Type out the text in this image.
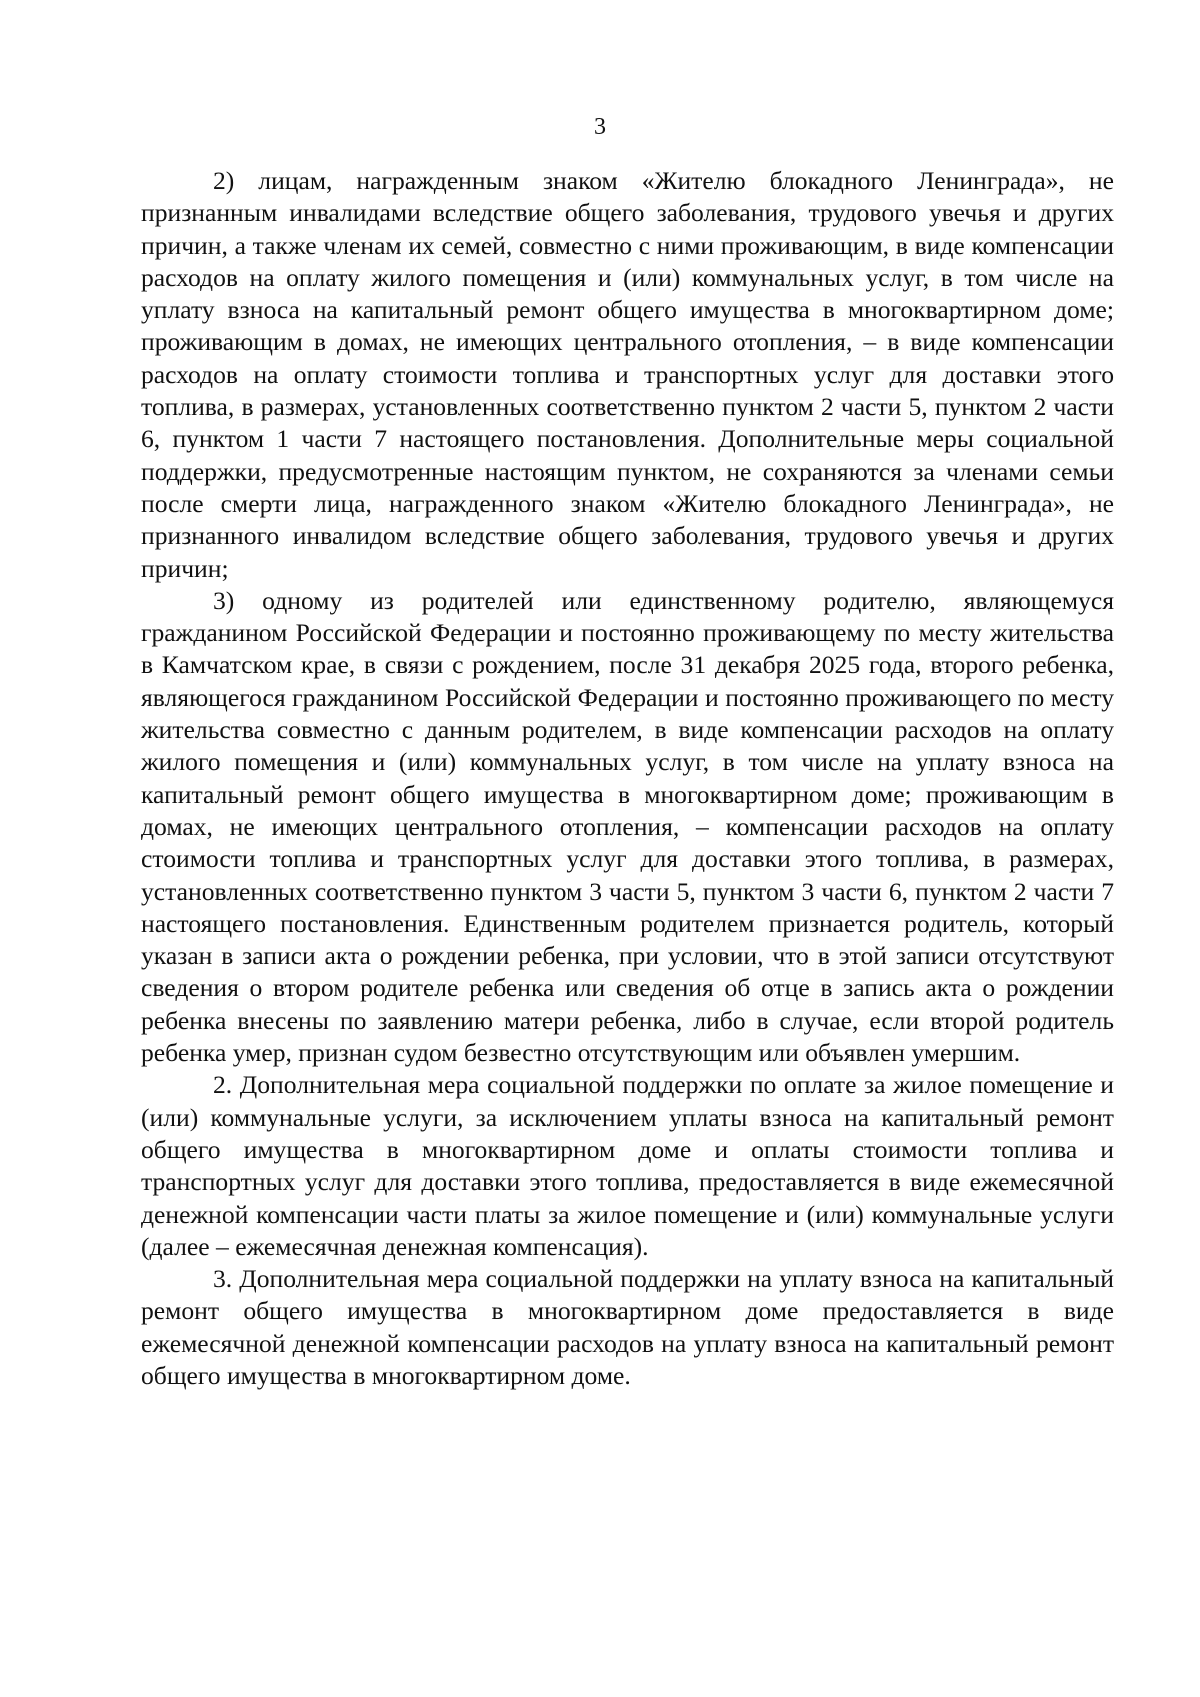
3

2) лицам, награжденным знаком «Жителю блокадного Ленинграда», не признанным инвалидами вследствие общего заболевания, трудового увечья и других причин, а также членам их семей, совместно с ними проживающим, в виде компенсации расходов на оплату жилого помещения и (или) коммунальных услуг, в том числе на уплату взноса на капитальный ремонт общего имущества в многоквартирном доме; проживающим в домах, не имеющих центрального отопления, – в виде компенсации расходов на оплату стоимости топлива и транспортных услуг для доставки этого топлива, в размерах, установленных соответственно пунктом 2 части 5, пунктом 2 части 6, пунктом 1 части 7 настоящего постановления. Дополнительные меры социальной поддержки, предусмотренные настоящим пунктом, не сохраняются за членами семьи после смерти лица, награжденного знаком «Жителю блокадного Ленинграда», не признанного инвалидом вследствие общего заболевания, трудового увечья и других причин;

3) одному из родителей или единственному родителю, являющемуся гражданином Российской Федерации и постоянно проживающему по месту жительства в Камчатском крае, в связи с рождением, после 31 декабря 2025 года, второго ребенка, являющегося гражданином Российской Федерации и постоянно проживающего по месту жительства совместно с данным родителем, в виде компенсации расходов на оплату жилого помещения и (или) коммунальных услуг, в том числе на уплату взноса на капитальный ремонт общего имущества в многоквартирном доме; проживающим в домах, не имеющих центрального отопления, – компенсации расходов на оплату стоимости топлива и транспортных услуг для доставки этого топлива, в размерах, установленных соответственно пунктом 3 части 5, пунктом 3 части 6, пунктом 2 части 7 настоящего постановления. Единственным родителем признается родитель, который указан в записи акта о рождении ребенка, при условии, что в этой записи отсутствуют сведения о втором родителе ребенка или сведения об отце в запись акта о рождении ребенка внесены по заявлению матери ребенка, либо в случае, если второй родитель ребенка умер, признан судом безвестно отсутствующим или объявлен умершим.

2. Дополнительная мера социальной поддержки по оплате за жилое помещение и (или) коммунальные услуги, за исключением уплаты взноса на капитальный ремонт общего имущества в многоквартирном доме и оплаты стоимости топлива и транспортных услуг для доставки этого топлива, предоставляется в виде ежемесячной денежной компенсации части платы за жилое помещение и (или) коммунальные услуги (далее – ежемесячная денежная компенсация).

3. Дополнительная мера социальной поддержки на уплату взноса на капитальный ремонт общего имущества в многоквартирном доме предоставляется в виде ежемесячной денежной компенсации расходов на уплату взноса на капитальный ремонт общего имущества в многоквартирном доме.
